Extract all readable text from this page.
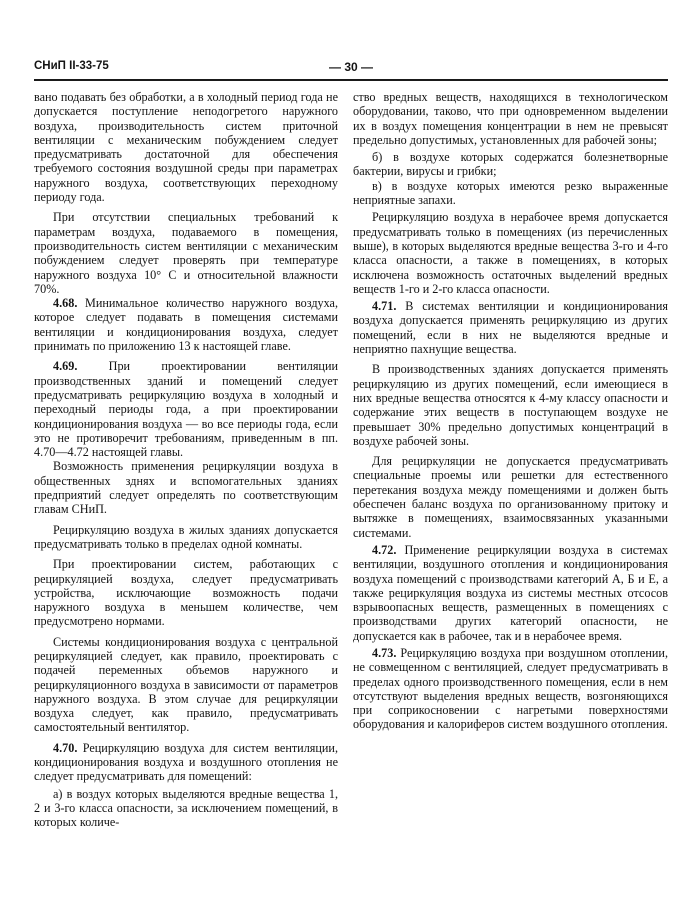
СНиП II-33-75	— 30 —

вано подавать без обработки, а в холодный период года не допускается поступление неподогретого наружного воздуха, производительность систем приточной вентиляции с механическим побуждением следует предусматривать достаточной для обеспечения требуемого состояния воздушной среды при параметрах наружного воздуха, соответствующих переходному периоду года.

При отсутствии специальных требований к параметрам воздуха, подаваемого в помещения, производительность систем вентиляции с механическим побуждением следует проверять при температуре наружного воздуха 10° С и относительной влажности 70%.

4.68. Минимальное количество наружного воздуха, которое следует подавать в помещения системами вентиляции и кондиционирования воздуха, следует принимать по приложению 13 к настоящей главе.

4.69.	При проектировании вентиляции производственных зданий и помещений следует предусматривать рециркуляцию воздуха в холодный и переходный периоды года, а при проектировании кондиционирования воздуха — во все периоды года, если это не противоречит требованиям, приведенным в пп. 4.70—4.72 настоящей главы.

Возможность применения рециркуляции воздуха в общественных зднях и вспомогательных зданиях предприятий следует определять по соответствующим главам СНиП.

Рециркуляцию воздуха в жилых зданиях допускается предусматривать только в пределах одной комнаты.

При проектировании систем, работающих с рециркуляцией воздуха, следует предусматривать устройства, исключающие возможность подачи наружного воздуха в меньшем количестве, чем предусмотрено нормами.

Системы кондиционирования воздуха с центральной рециркуляцией следует, как правило, проектировать с подачей переменных объемов наружного и рециркуляционного воздуха в зависимости от параметров наружного воздуха. В этом случае для рециркуляции воздуха следует, как правило, предусматривать самостоятельный вентилятор.

4.70. Рециркуляцию воздуха для систем вентиляции, кондиционирования воздуха и воздушного отопления не следует предусматривать для помещений:

а) в воздух которых выделяются вредные вещества 1, 2 и 3-го класса опасности, за исключением помещений, в которых количе-

ство вредных веществ, находящихся в технологическом оборудовании, таково, что при одновременном выделении их в воздух помещения концентрации в нем не превысят предельно допустимых, установленных для рабочей зоны;

б) в воздухе которых содержатся болезнетворные бактерии, вирусы и грибки;

в) в воздухе которых имеются резко выраженные неприятные запахи.

Рециркуляцию воздуха в нерабочее время допускается предусматривать только в помещениях (из перечисленных выше), в которых выделяются вредные вещества 3-го и 4-го класса опасности, а также в помещениях, в которых исключена возможность остаточных выделений вредных веществ 1-го и 2-го класса опасности.

4.71. В системах вентиляции и кондиционирования воздуха допускается применять рециркуляцию из других помещений, если в них не выделяются вредные и неприятно пахнущие вещества.

В производственных зданиях допускается применять рециркуляцию из других помещений, если имеющиеся в них вредные вещества относятся к 4-му классу опасности и содержание этих веществ в поступающем воздухе не превышает 30% предельно допустимых концентраций в воздухе рабочей зоны.

Для рециркуляции не допускается предусматривать специальные проемы или решетки для естественного перетекания воздуха между помещениями и должен быть обеспечен баланс воздуха по организованному притоку и вытяжке в помещениях, взаимосвязанных указанными системами.

4.72. Применение рециркуляции воздуха в системах вентиляции, воздушного отопления и кондиционирования воздуха помещений с производствами категорий А, Б и Е, а также рециркуляция воздуха из системы местных отсосов взрывоопасных веществ, размещенных в помещениях с производствами других категорий опасности, не допускается как в рабочее, так и в нерабочее время.

4.73. Рециркуляцию воздуха при воздушном отоплении, не совмещенном с вентиляцией, следует предусматривать в пределах одного производственного помещения, если в нем отсутствуют выделения вредных веществ, возгоняющихся при соприкосновении с нагретыми поверхностями оборудования и калориферов систем воздушного отопления.
